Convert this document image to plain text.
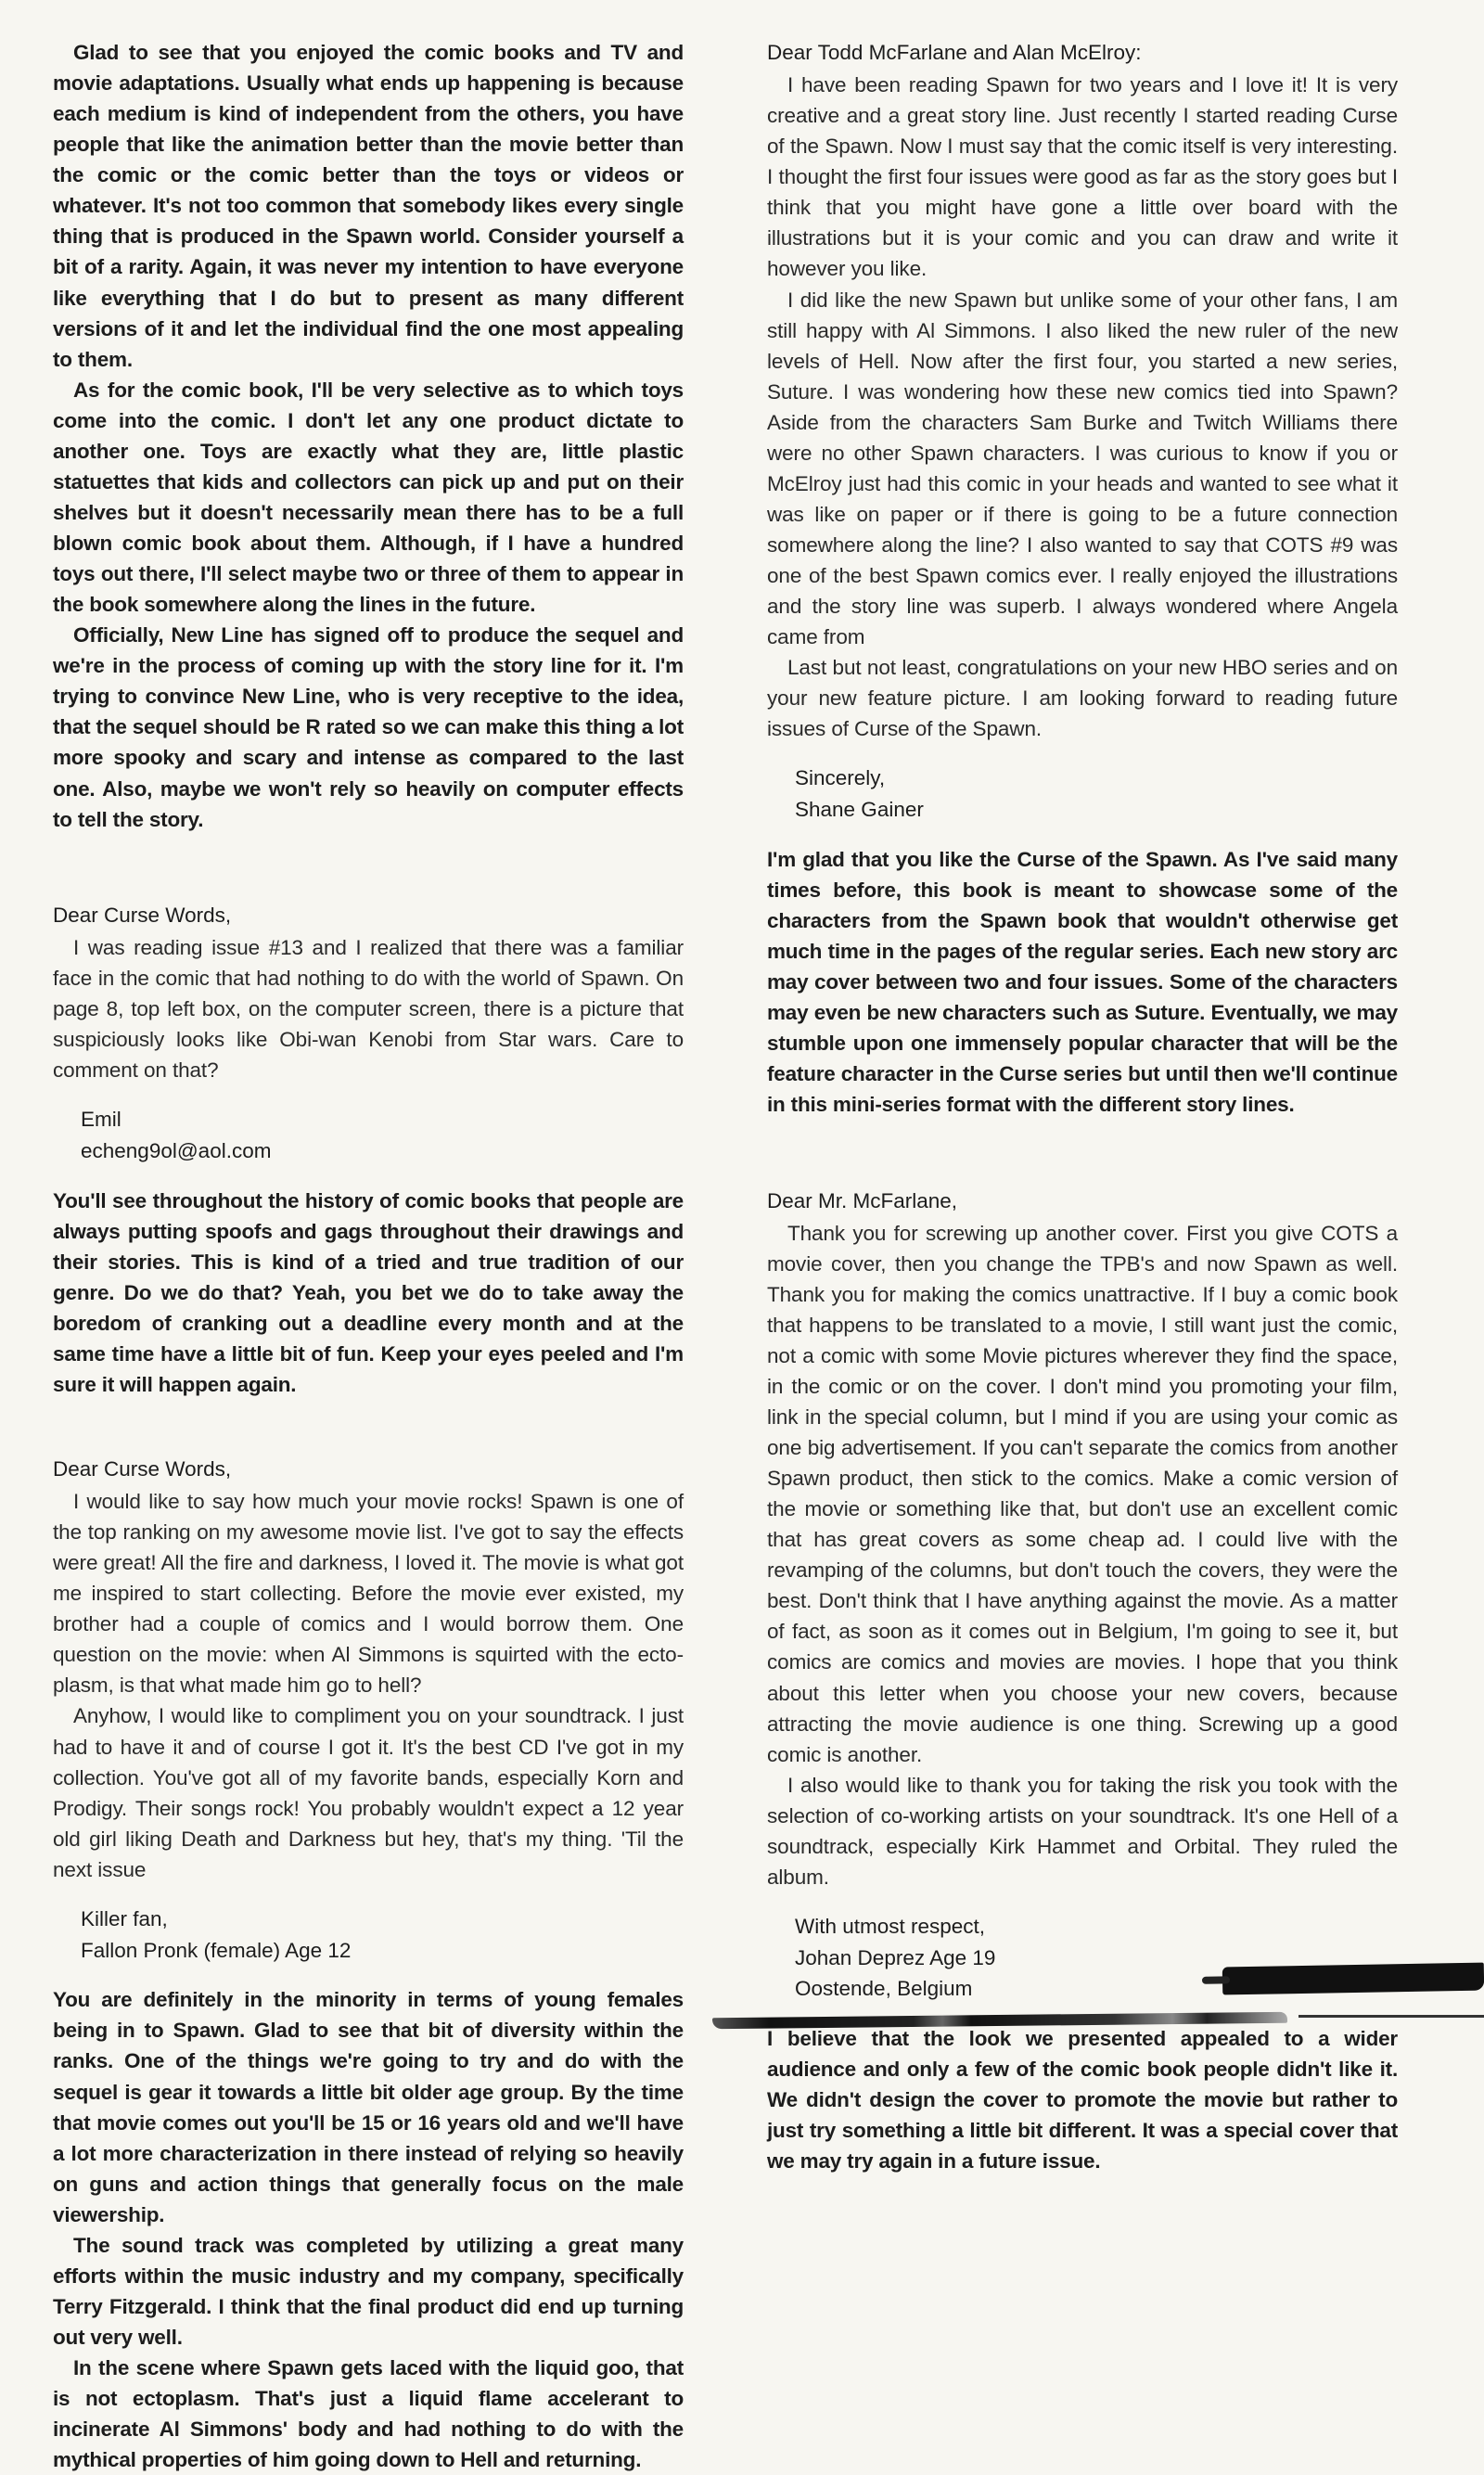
Glad to see that you enjoyed the comic books and TV and movie adaptations. Usually what ends up happening is because each medium is kind of independent from the others, you have people that like the animation better than the movie better than the comic or the comic better than the toys or videos or whatever. It's not too common that somebody likes every single thing that is produced in the Spawn world. Consider yourself a bit of a rarity. Again, it was never my intention to have everyone like everything that I do but to present as many different versions of it and let the individual find the one most appealing to them.

As for the comic book, I'll be very selective as to which toys come into the comic. I don't let any one product dictate to another one. Toys are exactly what they are, little plastic statuettes that kids and collectors can pick up and put on their shelves but it doesn't necessarily mean there has to be a full blown comic book about them. Although, if I have a hundred toys out there, I'll select maybe two or three of them to appear in the book somewhere along the lines in the future.

Officially, New Line has signed off to produce the sequel and we're in the process of coming up with the story line for it. I'm trying to convince New Line, who is very receptive to the idea, that the sequel should be R rated so we can make this thing a lot more spooky and scary and intense as compared to the last one. Also, maybe we won't rely so heavily on computer effects to tell the story.

Dear Curse Words,

I was reading issue #13 and I realized that there was a familiar face in the comic that had nothing to do with the world of Spawn. On page 8, top left box, on the computer screen, there is a picture that suspiciously looks like Obi-wan Kenobi from Star wars. Care to comment on that?

Emil

echeng9ol@aol.com

You'll see throughout the history of comic books that people are always putting spoofs and gags throughout their drawings and their stories. This is kind of a tried and true tradition of our genre. Do we do that? Yeah, you bet we do to take away the boredom of cranking out a deadline every month and at the same time have a little bit of fun. Keep your eyes peeled and I'm sure it will happen again.

Dear Curse Words,

I would like to say how much your movie rocks! Spawn is one of the top ranking on my awesome movie list. I've got to say the effects were great! All the fire and darkness, I loved it. The movie is what got me inspired to start collecting. Before the movie ever existed, my brother had a couple of comics and I would borrow them. One question on the movie: when Al Simmons is squirted with the ecto-plasm, is that what made him go to hell?

Anyhow, I would like to compliment you on your soundtrack. I just had to have it and of course I got it. It's the best CD I've got in my collection. You've got all of my favorite bands, especially Korn and Prodigy. Their songs rock! You probably wouldn't expect a 12 year old girl liking Death and Darkness but hey, that's my thing. 'Til the next issue

Killer fan,

Fallon Pronk (female) Age 12

You are definitely in the minority in terms of young females being in to Spawn. Glad to see that bit of diversity within the ranks. One of the things we're going to try and do with the sequel is gear it towards a little bit older age group. By the time that movie comes out you'll be 15 or 16 years old and we'll have a lot more characterization in there instead of relying so heavily on guns and action things that generally focus on the male viewership.

The sound track was completed by utilizing a great many efforts within the music industry and my company, specifically Terry Fitzgerald. I think that the final product did end up turning out very well.

In the scene where Spawn gets laced with the liquid goo, that is not ectoplasm. That's just a liquid flame accelerant to incinerate Al Simmons' body and had nothing to do with the mythical properties of him going down to Hell and returning.

Dear Todd McFarlane and Alan McElroy:

I have been reading Spawn for two years and I love it! It is very creative and a great story line. Just recently I started reading Curse of the Spawn. Now I must say that the comic itself is very interesting. I thought the first four issues were good as far as the story goes but I think that you might have gone a little over board with the illustrations but it is your comic and you can draw and write it however you like.

I did like the new Spawn but unlike some of your other fans, I am still happy with Al Simmons. I also liked the new ruler of the new levels of Hell. Now after the first four, you started a new series, Suture. I was wondering how these new comics tied into Spawn? Aside from the characters Sam Burke and Twitch Williams there were no other Spawn characters. I was curious to know if you or McElroy just had this comic in your heads and wanted to see what it was like on paper or if there is going to be a future connection somewhere along the line? I also wanted to say that COTS #9 was one of the best Spawn comics ever. I really enjoyed the illustrations and the story line was superb. I always wondered where Angela came from

Last but not least, congratulations on your new HBO series and on your new feature picture. I am looking forward to reading future issues of Curse of the Spawn.

Sincerely,

Shane Gainer

I'm glad that you like the Curse of the Spawn. As I've said many times before, this book is meant to showcase some of the characters from the Spawn book that wouldn't otherwise get much time in the pages of the regular series. Each new story arc may cover between two and four issues. Some of the characters may even be new characters such as Suture. Eventually, we may stumble upon one immensely popular character that will be the feature character in the Curse series but until then we'll continue in this mini-series format with the different story lines.

Dear Mr. McFarlane,

Thank you for screwing up another cover. First you give COTS a movie cover, then you change the TPB's and now Spawn as well. Thank you for making the comics unattractive. If I buy a comic book that happens to be translated to a movie, I still want just the comic, not a comic with some Movie pictures wherever they find the space, in the comic or on the cover. I don't mind you promoting your film, link in the special column, but I mind if you are using your comic as one big advertisement. If you can't separate the comics from another Spawn product, then stick to the comics. Make a comic version of the movie or something like that, but don't use an excellent comic that has great covers as some cheap ad. I could live with the revamping of the columns, but don't touch the covers, they were the best. Don't think that I have anything against the movie. As a matter of fact, as soon as it comes out in Belgium, I'm going to see it, but comics are comics and movies are movies. I hope that you think about this letter when you choose your new covers, because attracting the movie audience is one thing. Screwing up a good comic is another.

I also would like to thank you for taking the risk you took with the selection of co-working artists on your soundtrack. It's one Hell of a soundtrack, especially Kirk Hammet and Orbital. They ruled the album.

With utmost respect,

Johan Deprez Age 19

Oostende, Belgium

I believe that the look we presented appealed to a wider audience and only a few of the comic book people didn't like it. We didn't design the cover to promote the movie but rather to just try something a little bit different. It was a special cover that we may try again in a future issue.
